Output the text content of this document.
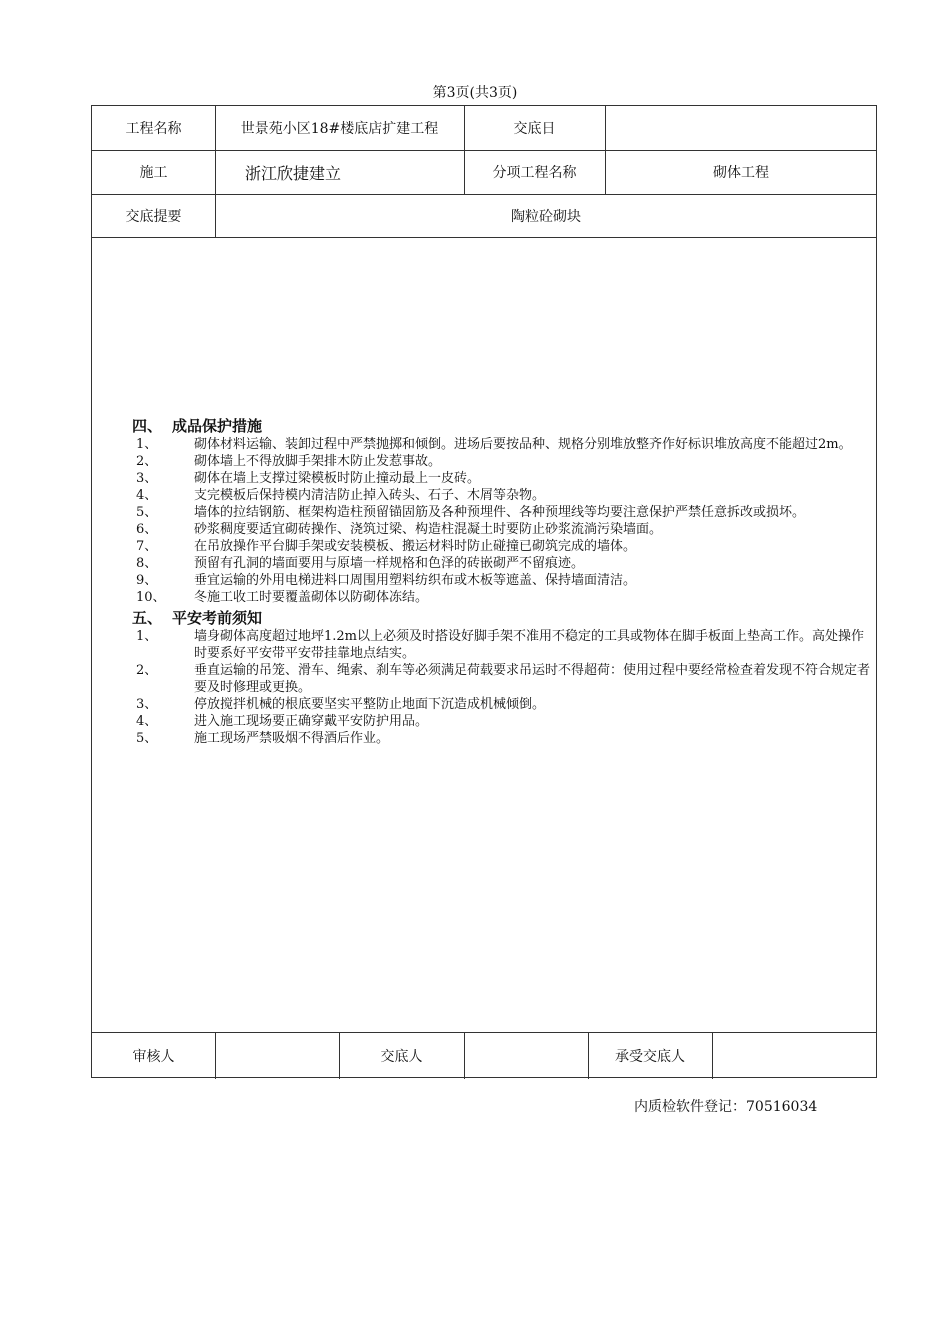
第3页(共3页)
工程名称	世景苑小区18#楼底店扩建工程	交底日
施工	浙江欣捷建立	分项工程名称	砌体工程
交底提要	陶粒砼砌块
四、 成品保护措施
1、	砌体材料运输、装卸过程中严禁抛掷和倾倒。进场后要按品种、规格分别堆放整齐作好标识堆放高度不能超过2m。
2、	砌体墙上不得放脚手架排木防止发惹事故。
3、	砌体在墙上支撑过梁模板时防止撞动最上一皮砖。
4、	支完模板后保持模内清洁防止掉入砖头、石子、木屑等杂物。
5、	墙体的拉结钢筋、框架构造柱预留锚固筋及各种预埋件、各种预埋线等均要注意保护严禁任意拆改或损坏。
6、	砂浆稠度要适宜砌砖操作、浇筑过梁、构造柱混凝土时要防止砂浆流淌污染墙面。
7、	在吊放操作平台脚手架或安装模板、搬运材料时防止碰撞已砌筑完成的墙体。
8、	预留有孔洞的墙面要用与原墙一样规格和色泽的砖嵌砌严不留痕迹。
9、	垂宜运输的外用电梯进料口周围用塑料纺织布或木板等遮盖、保持墙面清洁。
10、	冬施工收工时要覆盖砌体以防砌体冻结。
五、 平安考前须知
1、	墙身砌体高度超过地坪1.2m以上必须及时搭设好脚手架不准用不稳定的工具或物体在脚手板面上垫高工作。高处操作时要系好平安带平安带挂靠地点结实。
2、	垂直运输的吊笼、滑车、绳索、刹车等必须满足荷载要求吊运时不得超荷：使用过程中要经常检查着发现不符合规定者要及时修理或更换。
3、	停放搅拌机械的根底要坚实平整防止地面下沉造成机械倾倒。
4、	进入施工现场要正确穿戴平安防护用品。
5、	施工现场严禁吸烟不得酒后作业。
审核人	交底人	承受交底人
内质检软件登记：70516034
